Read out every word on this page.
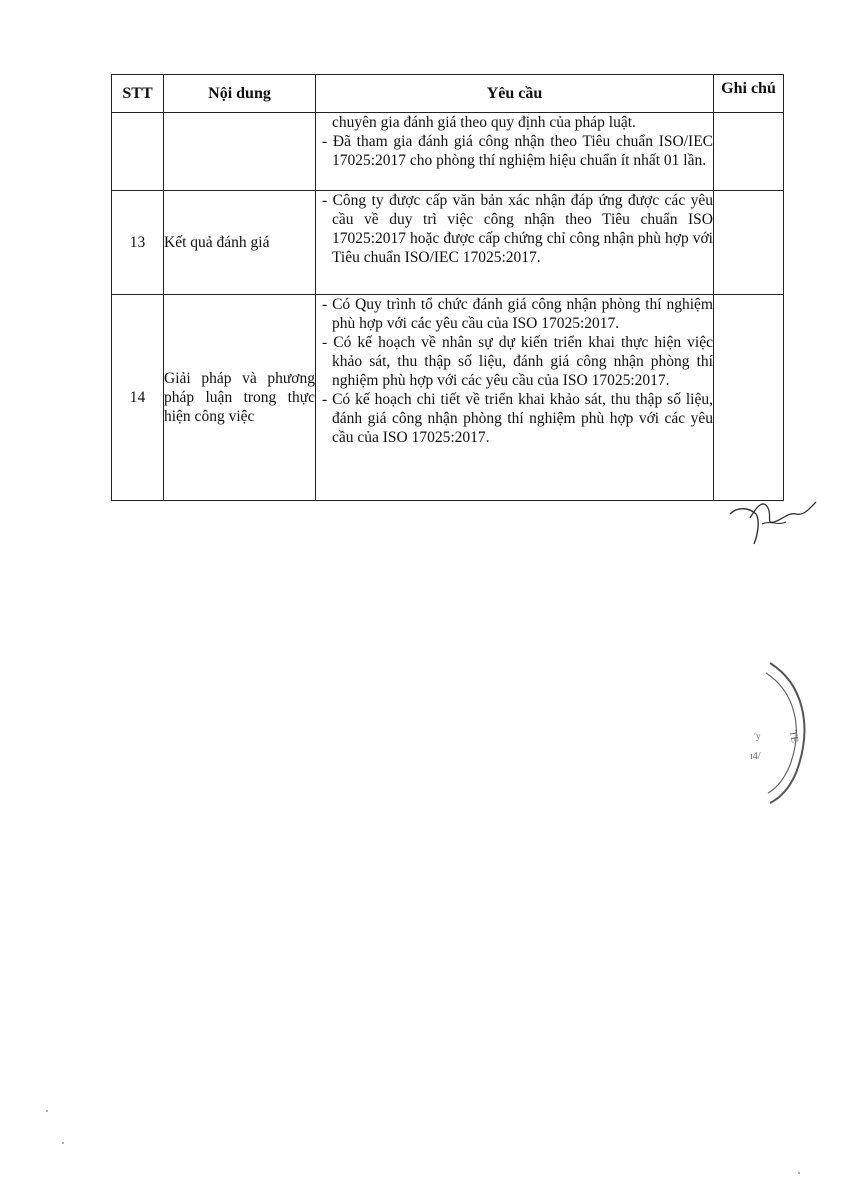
STT	Nội dung	Yêu cầu	Ghi chú

		chuyên gia đánh giá theo quy định của pháp luật.

- Đã tham gia đánh giá công nhận theo Tiêu chuẩn ISO/IEC 17025:2017 cho phòng thí nghiệm hiệu chuẩn ít nhất 01 lần.	

13	Kết quả đánh giá	- Công ty được cấp văn bản xác nhận đáp ứng được các yêu cầu về duy trì việc công nhận theo Tiêu chuẩn ISO 17025:2017 hoặc được cấp chứng chỉ công nhận phù hợp với Tiêu chuẩn ISO/IEC 17025:2017.	

14	Giải pháp và phương pháp luận trong thực hiện công việc	- Có Quy trình tổ chức đánh giá công nhận phòng thí nghiệm phù hợp với các yêu cầu của ISO 17025:2017.

- Có kế hoạch về nhân sự dự kiến triển khai thực hiện việc khảo sát, thu thập số liệu, đánh giá công nhận phòng thí nghiệm phù hợp với các yêu cầu của ISO 17025:2017.

- Có kế hoạch chi tiết về triển khai khảo sát, thu thập số liệu, đánh giá công nhận phòng thí nghiệm phù hợp với các yêu cầu của ISO 17025:2017.	

TE
ʹy
ɪ4/
